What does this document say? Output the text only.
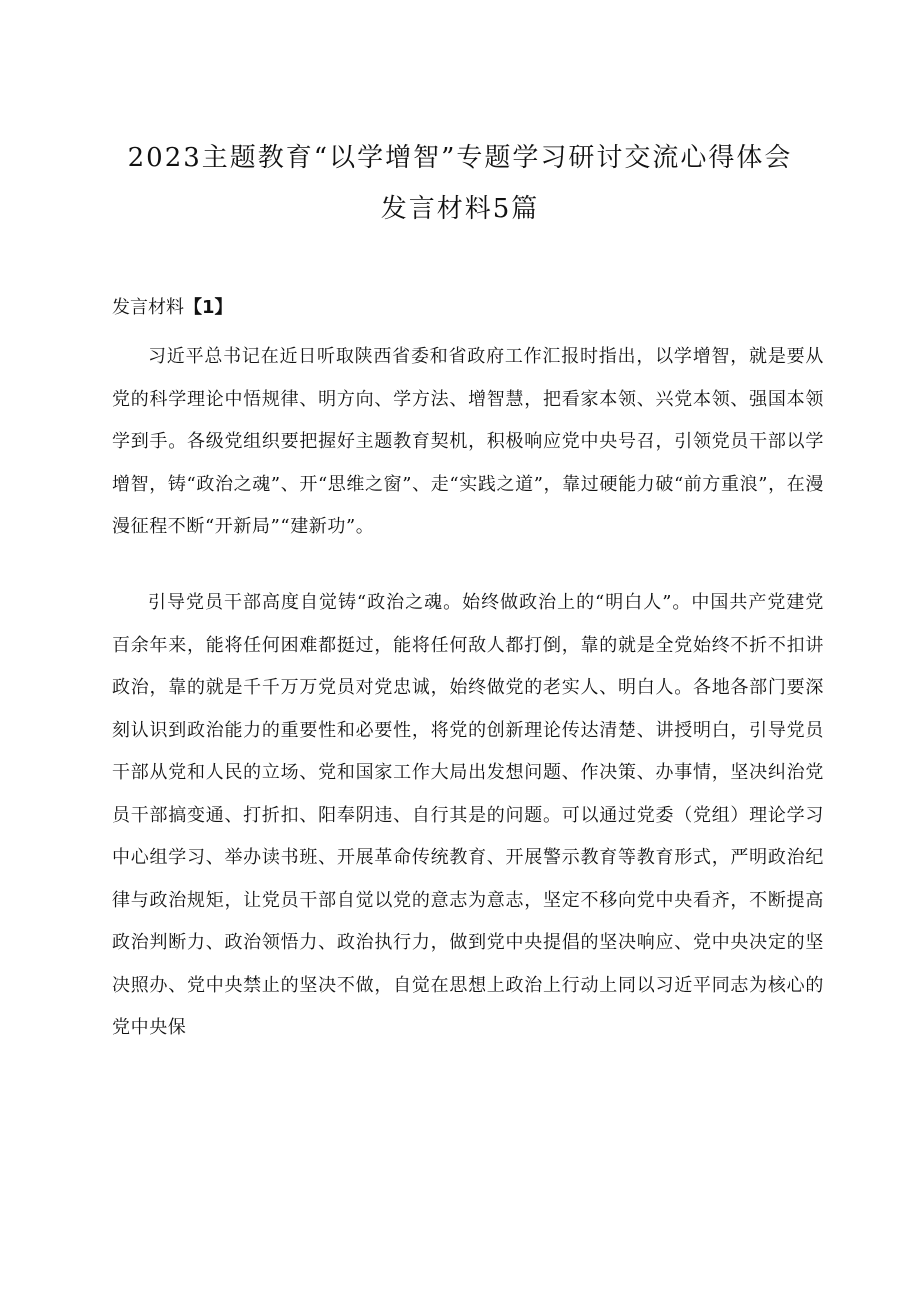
2023主题教育“以学增智”专题学习研讨交流心得体会
发言材料5篇
发言材料【1】

习近平总书记在近日听取陕西省委和省政府工作汇报时指出，以学增智，就是要从党的科学理论中悟规律、明方向、学方法、增智慧，把看家本领、兴党本领、强国本领学到手。各级党组织要把握好主题教育契机，积极响应党中央号召，引领党员干部以学增智，铸“政治之魂”、开“思维之窗”、走“实践之道”，靠过硬能力破“前方重浪”，在漫漫征程不断“开新局”“建新功”。

引导党员干部高度自觉铸“政治之魂。始终做政治上的“明白人”。中国共产党建党百余年来，能将任何困难都挺过，能将任何敌人都打倒，靠的就是全党始终不折不扣讲政治，靠的就是千千万万党员对党忠诚，始终做党的老实人、明白人。各地各部门要深刻认识到政治能力的重要性和必要性，将党的创新理论传达清楚、讲授明白，引导党员干部从党和人民的立场、党和国家工作大局出发想问题、作决策、办事情，坚决纠治党员干部搞变通、打折扣、阳奉阴违、自行其是的问题。可以通过党委（党组）理论学习中心组学习、举办读书班、开展革命传统教育、开展警示教育等教育形式，严明政治纪律与政治规矩，让党员干部自觉以党的意志为意志，坚定不移向党中央看齐，不断提高政治判断力、政治领悟力、政治执行力，做到党中央提倡的坚决响应、党中央决定的坚决照办、党中央禁止的坚决不做，自觉在思想上政治上行动上同以习近平同志为核心的党中央保
